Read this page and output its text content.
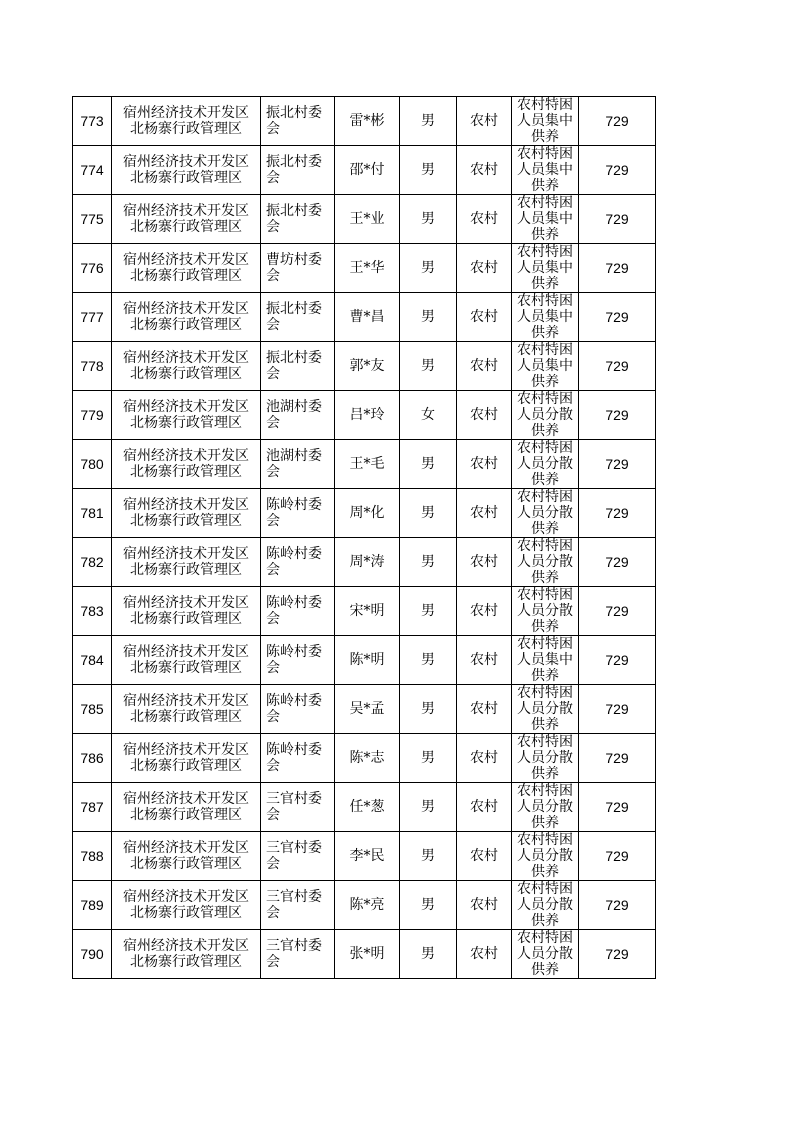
773	宿州经济技术开发区
北杨寨行政管理区	振北村委
会	雷*彬	男	农村	农村特困
人员集中
供养	729
774	宿州经济技术开发区
北杨寨行政管理区	振北村委
会	邵*付	男	农村	农村特困
人员集中
供养	729
775	宿州经济技术开发区
北杨寨行政管理区	振北村委
会	王*业	男	农村	农村特困
人员集中
供养	729
776	宿州经济技术开发区
北杨寨行政管理区	曹坊村委
会	王*华	男	农村	农村特困
人员集中
供养	729
777	宿州经济技术开发区
北杨寨行政管理区	振北村委
会	曹*昌	男	农村	农村特困
人员集中
供养	729
778	宿州经济技术开发区
北杨寨行政管理区	振北村委
会	郭*友	男	农村	农村特困
人员集中
供养	729
779	宿州经济技术开发区
北杨寨行政管理区	池湖村委
会	吕*玲	女	农村	农村特困
人员分散
供养	729
780	宿州经济技术开发区
北杨寨行政管理区	池湖村委
会	王*毛	男	农村	农村特困
人员分散
供养	729
781	宿州经济技术开发区
北杨寨行政管理区	陈岭村委
会	周*化	男	农村	农村特困
人员分散
供养	729
782	宿州经济技术开发区
北杨寨行政管理区	陈岭村委
会	周*涛	男	农村	农村特困
人员分散
供养	729
783	宿州经济技术开发区
北杨寨行政管理区	陈岭村委
会	宋*明	男	农村	农村特困
人员分散
供养	729
784	宿州经济技术开发区
北杨寨行政管理区	陈岭村委
会	陈*明	男	农村	农村特困
人员集中
供养	729
785	宿州经济技术开发区
北杨寨行政管理区	陈岭村委
会	吴*孟	男	农村	农村特困
人员分散
供养	729
786	宿州经济技术开发区
北杨寨行政管理区	陈岭村委
会	陈*志	男	农村	农村特困
人员分散
供养	729
787	宿州经济技术开发区
北杨寨行政管理区	三官村委
会	任*葱	男	农村	农村特困
人员分散
供养	729
788	宿州经济技术开发区
北杨寨行政管理区	三官村委
会	李*民	男	农村	农村特困
人员分散
供养	729
789	宿州经济技术开发区
北杨寨行政管理区	三官村委
会	陈*亮	男	农村	农村特困
人员分散
供养	729
790	宿州经济技术开发区
北杨寨行政管理区	三官村委
会	张*明	男	农村	农村特困
人员分散
供养	729
